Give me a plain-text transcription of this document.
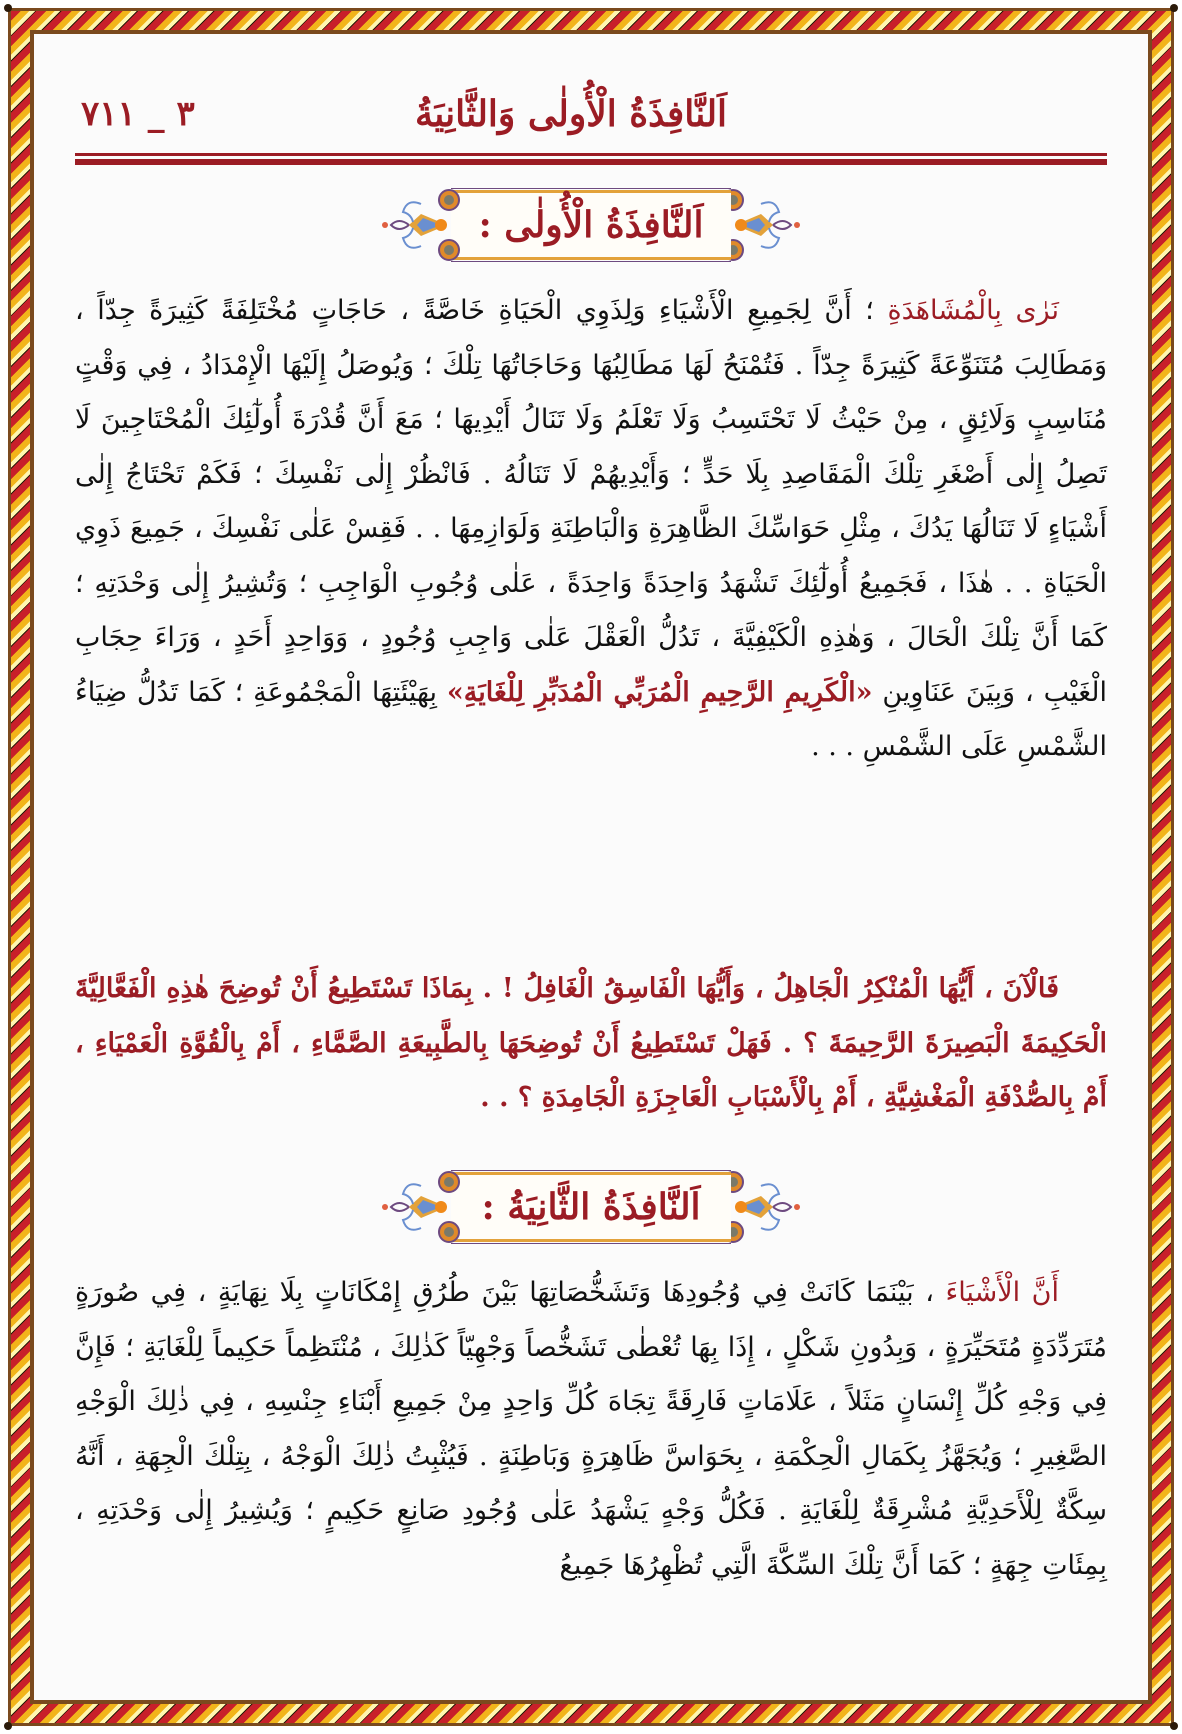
اَلنَّافِذَةُ الْأُولٰى وَالثَّانِيَةُ
٣ _ ٧١١
اَلنَّافِذَةُ الْأُولٰى :

نَرٰى بِالْمُشَاهَدَةِ ؛ أَنَّ لِجَمِيعِ الْأَشْيَاءِ وَلِذَوِي الْحَيَاةِ خَاصَّةً ، حَاجَاتٍ مُخْتَلِفَةً كَثِيرَةً جِدّاً ، وَمَطَالِبَ مُتَنَوِّعَةً كَثِيرَةً جِدّاً . فَتُمْنَحُ لَهَا مَطَالِبُهَا وَحَاجَاتُهَا تِلْكَ ؛ وَيُوصَلُ إِلَيْهَا الْإِمْدَادُ ، فِي وَقْتٍ مُنَاسِبٍ وَلَائِقٍ ، مِنْ حَيْثُ لَا تَحْتَسِبُ وَلَا تَعْلَمُ وَلَا تَنَالُ أَيْدِيهَا ؛ مَعَ أَنَّ قُدْرَةَ أُولٰٓئِكَ الْمُحْتَاجِينَ لَا تَصِلُ إِلٰى أَصْغَرِ تِلْكَ الْمَقَاصِدِ بِلَا حَدٍّ ؛ وَأَيْدِيهُمْ لَا تَنَالُهُ . فَانْظُرْ إِلٰى نَفْسِكَ ؛ فَكَمْ تَحْتَاجُ إِلٰى أَشْيَاءٍ لَا تَنَالُهَا يَدُكَ ، مِثْلِ حَوَاسِّكَ الظَّاهِرَةِ وَالْبَاطِنَةِ وَلَوَازِمِهَا . . فَقِسْ عَلٰى نَفْسِكَ ، جَمِيعَ ذَوِي الْحَيَاةِ . . هٰذَا ، فَجَمِيعُ أُولٰٓئِكَ تَشْهَدُ وَاحِدَةً وَاحِدَةً ، عَلٰى وُجُوبِ الْوَاجِبِ ؛ وَتُشِيرُ إِلٰى وَحْدَتِهِ ؛ كَمَا أَنَّ تِلْكَ الْحَالَ ، وَهٰذِهِ الْكَيْفِيَّةَ ، تَدُلُّ الْعَقْلَ عَلٰى وَاجِبِ وُجُودٍ ، وَوَاحِدٍ أَحَدٍ ، وَرَاءَ حِجَابِ الْغَيْبِ ، وَبِيَنَ عَنَاوِينِ «الْكَرِيمِ الرَّحِيمِ الْمُرَبِّي الْمُدَبِّرِ لِلْغَايَةِ» بِهَيْئَتِهَا الْمَجْمُوعَةِ ؛ كَمَا تَدُلُّ ضِيَاءُ الشَّمْسِ عَلَى الشَّمْسِ . . .

فَالْآنَ ، أَيُّهَا الْمُنْكِرُ الْجَاهِلُ ، وَأَيُّهَا الْفَاسِقُ الْغَافِلُ ! . بِمَاذَا تَسْتَطِيعُ أَنْ تُوضِحَ هٰذِهِ الْفَعَّالِيَّةَ الْحَكِيمَةَ الْبَصِيرَةَ الرَّحِيمَةَ ؟ . فَهَلْ تَسْتَطِيعُ أَنْ تُوضِحَهَا بِالطَّبِيعَةِ الصَّمَّاءِ ، أَمْ بِالْقُوَّةِ الْعَمْيَاءِ ، أَمْ بِالصُّدْفَةِ الْمَغْشِيَّةِ ، أَمْ بِالْأَسْبَابِ الْعَاجِزَةِ الْجَامِدَةِ ؟ . .

اَلنَّافِذَةُ الثَّانِيَةُ :

أَنَّ الْأَشْيَاءَ ، بَيْنَمَا كَانَتْ فِي وُجُودِهَا وَتَشَخُّصَاتِهَا بَيْنَ طُرُقِ إِمْكَانَاتٍ بِلَا نِهَايَةٍ ، فِي صُورَةٍ مُتَرَدِّدَةٍ مُتَحَيِّرَةٍ ، وَبِدُونِ شَكْلٍ ، إِذَا بِهَا تُعْطٰى تَشَخُّصاً وَجْهِيّاً كَذٰلِكَ ، مُنْتَظِماً حَكِيماً لِلْغَايَةِ ؛ فَإِنَّ فِي وَجْهِ كُلِّ إِنْسَانٍ مَثَلاً ، عَلَامَاتٍ فَارِقَةً تِجَاهَ كُلِّ وَاحِدٍ مِنْ جَمِيعِ أَبْنَاءِ جِنْسِهِ ، فِي ذٰلِكَ الْوَجْهِ الصَّغِيرِ ؛ وَيُجَهَّزُ بِكَمَالِ الْحِكْمَةِ ، بِحَوَاسَّ ظَاهِرَةٍ وَبَاطِنَةٍ . فَيُثْبِتُ ذٰلِكَ الْوَجْهُ ، بِتِلْكَ الْجِهَةِ ، أَنَّهُ سِكَّةٌ لِلْأَحَدِيَّةِ مُشْرِقَةٌ لِلْغَايَةِ . فَكُلُّ وَجْهٍ يَشْهَدُ عَلٰى وُجُودِ صَانِعٍ حَكِيمٍ ؛ وَيُشِيرُ إِلٰى وَحْدَتِهِ ، بِمِئَاتِ جِهَةٍ ؛ كَمَا أَنَّ تِلْكَ السِّكَّةَ الَّتِي تُظْهِرُهَا جَمِيعُ
